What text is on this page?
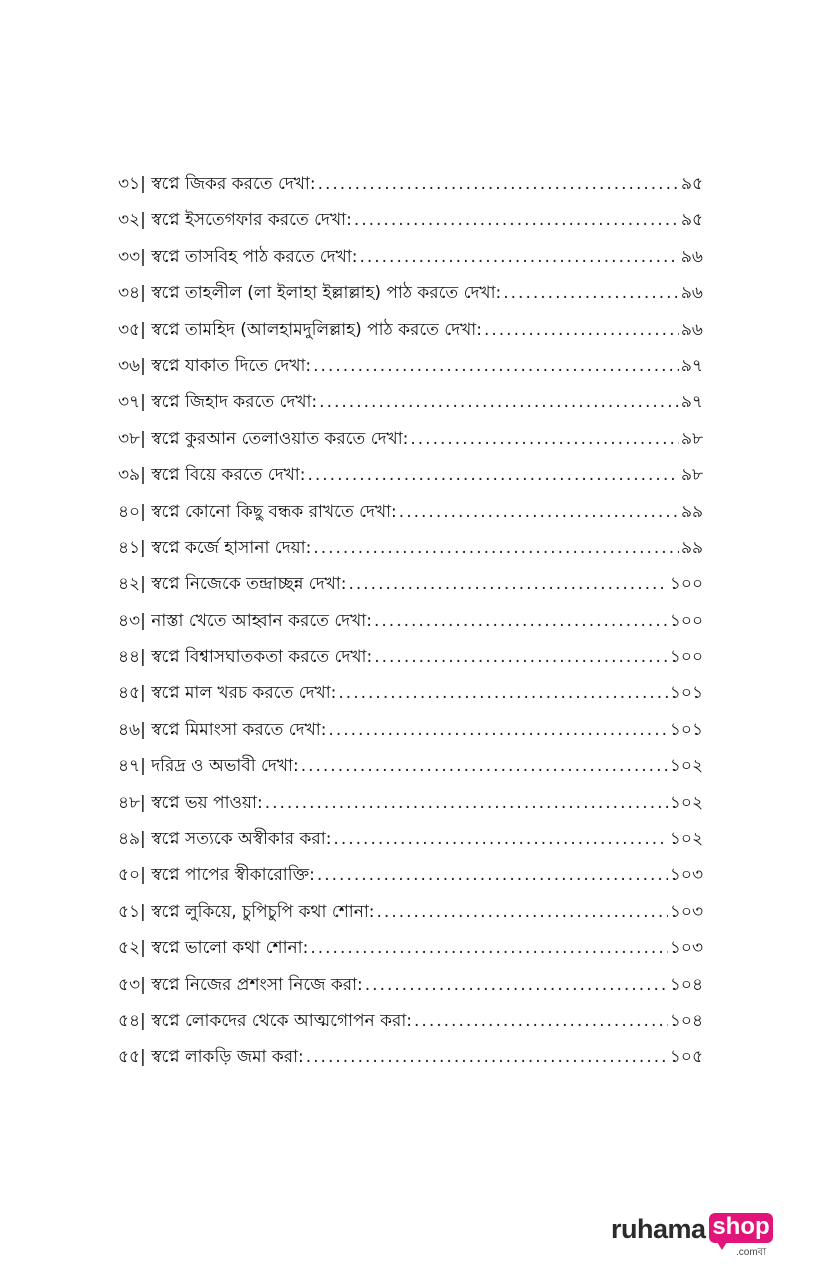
৩১| স্বপ্নে জিকর করতে দেখা: .....	৯৫
৩২| স্বপ্নে ইসতেগফার করতে দেখা: .....	৯৫
৩৩| স্বপ্নে তাসবিহ পাঠ করতে দেখা: .....	৯৬
৩৪| স্বপ্নে তাহলীল (লা ইলাহা ইল্লাল্লাহ) পাঠ করতে দেখা: .....	৯৬
৩৫| স্বপ্নে তামহিদ (আলহামদুলিল্লাহ) পাঠ করতে দেখা: .....	৯৬
৩৬| স্বপ্নে যাকাত দিতে দেখা: .....	৯৭
৩৭| স্বপ্নে জিহাদ করতে দেখা: .....	৯৭
৩৮| স্বপ্নে কুরআন তেলাওয়াত করতে দেখা: .....	৯৮
৩৯| স্বপ্নে বিয়ে করতে দেখা: .....	৯৮
৪০| স্বপ্নে কোনো কিছু বন্ধক রাখতে দেখা: .....	৯৯
৪১| স্বপ্নে কর্জে হাসানা দেয়া: .....	৯৯
৪২| স্বপ্নে নিজেকে তন্দ্রাচ্ছন্ন দেখা: .....	১০০
৪৩| নাস্তা খেতে আহ্বান করতে দেখা: .....	১০০
৪৪| স্বপ্নে বিশ্বাসঘাতকতা করতে দেখা: .....	১০০
৪৫| স্বপ্নে মাল খরচ করতে দেখা: .....	১০১
৪৬| স্বপ্নে মিমাংসা করতে দেখা: .....	১০১
৪৭| দরিদ্র ও অভাবী দেখা: .....	১০২
৪৮| স্বপ্নে ভয় পাওয়া: .....	১০২
৪৯| স্বপ্নে সত্যকে অস্বীকার করা: .....	১০২
৫০| স্বপ্নে পাপের স্বীকারোক্তি: .....	১০৩
৫১| স্বপ্নে লুকিয়ে, চুপিচুপি কথা শোনা: .....	১০৩
৫২| স্বপ্নে ভালো কথা শোনা: .....	১০৩
৫৩| স্বপ্নে নিজের প্রশংসা নিজে করা: .....	১০৪
৫৪| স্বপ্নে লোকদের থেকে আত্মগোপন করা: .....	১০৪
৫৫| স্বপ্নে লাকড়ি জমা করা: .....	১০৫
ruhama shop
.comবা
